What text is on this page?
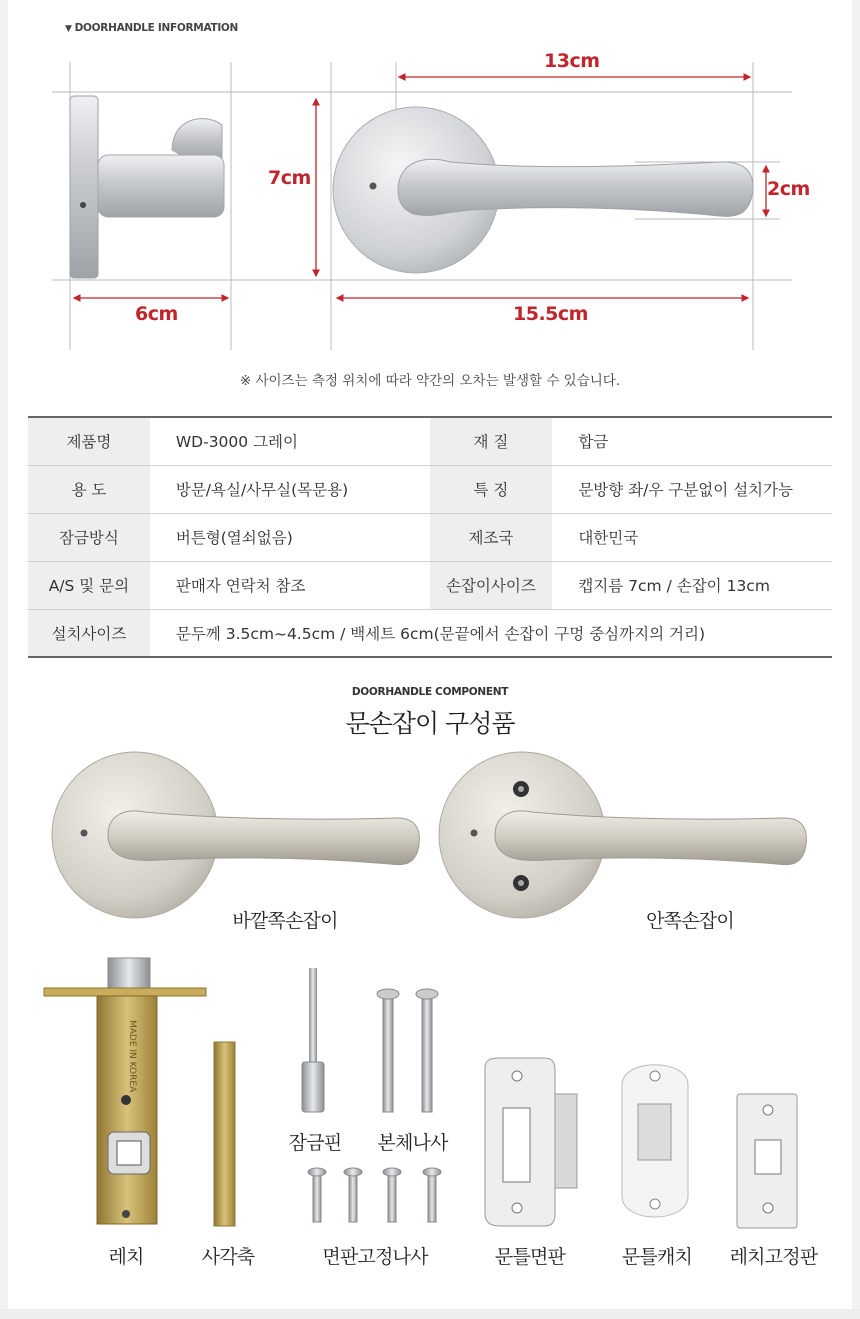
MADE IN KOREA
▼ DOORHANDLE INFORMATION
13cm
7cm	2cm
6cm	15.5cm
※ 사이즈는 측정 위치에 따라 약간의 오차는 발생할 수 있습니다.
제품명	WD-3000 그레이	재 질	합금
용 도	방문/욕실/사무실(목문용)	특 징	문방향 좌/우 구분없이 설치가능
잠금방식	버튼형(열쇠없음)	제조국	대한민국
A/S 및 문의	판매자 연락처 참조	손잡이사이즈	캡지름 7cm / 손잡이 13cm
설치사이즈	문두께 3.5cm~4.5cm / 백세트 6cm(문끝에서 손잡이 구멍 중심까지의 거리)		
DOORHANDLE COMPONENT
문손잡이 구성품
바깥쪽손잡이	안쪽손잡이
레치	사각축
잠금핀	본체나사
면판고정나사	문틀면판	문틀캐치	레치고정판
